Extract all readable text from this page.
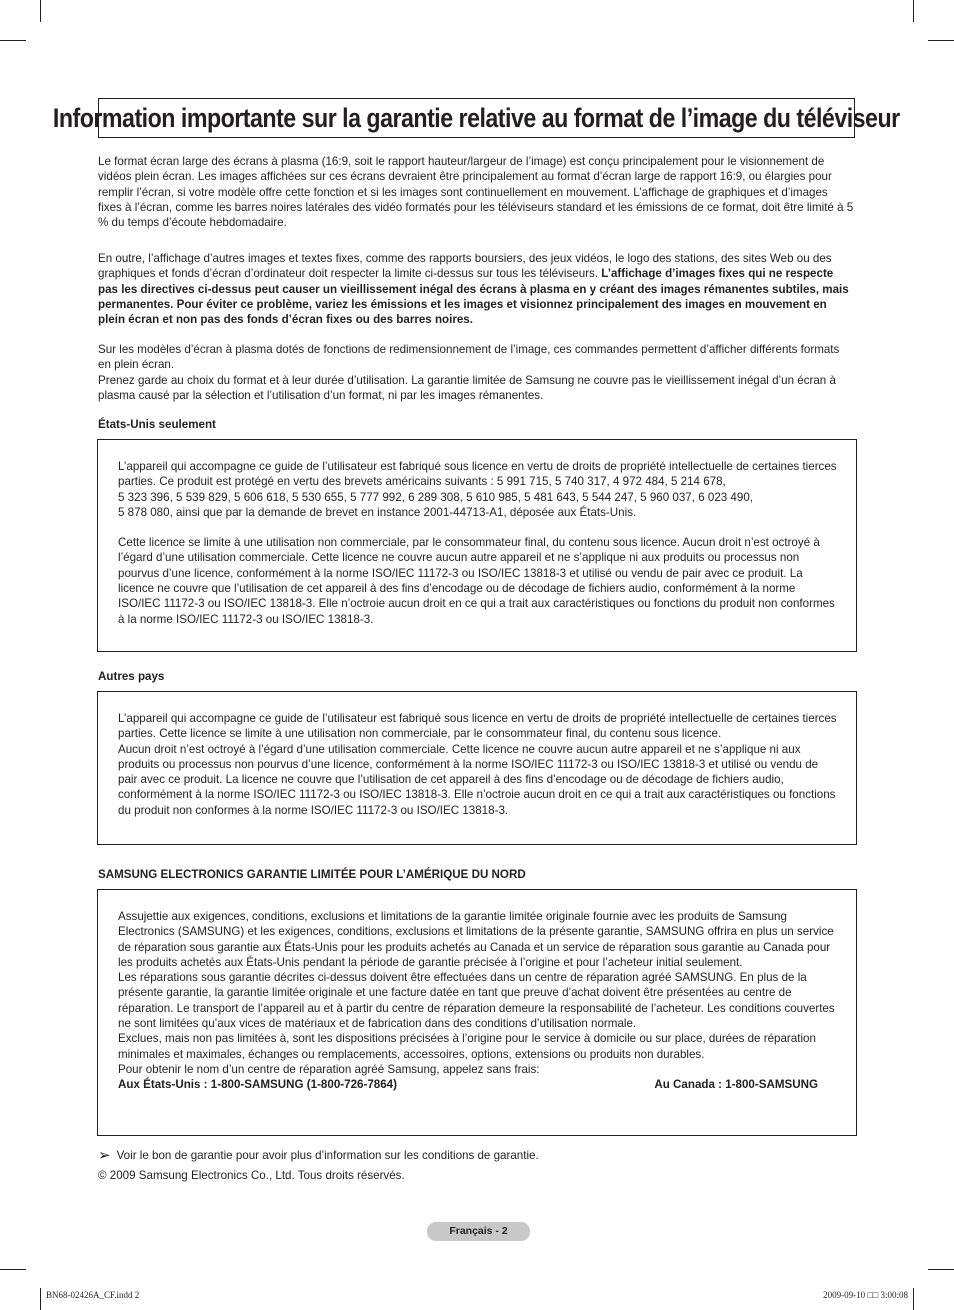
Information importante sur la garantie relative au format de l’image du téléviseur

Le format écran large des écrans à plasma (16:9, soit le rapport hauteur/largeur de l’image) est conçu principalement pour le visionnement de vidéos plein écran. Les images affichées sur ces écrans devraient être principalement au format d’écran large de rapport 16:9, ou élargies pour remplir l’écran, si votre modèle offre cette fonction et si les images sont continuellement en mouvement. L’affichage de graphiques et d’images fixes à l’écran, comme les barres noires latérales des vidéo formatés pour les téléviseurs standard et les émissions de ce format, doit être limité à 5 % du temps d’écoute hebdomadaire.

En outre, l’affichage d’autres images et textes fixes, comme des rapports boursiers, des jeux vidéos, le logo des stations, des sites Web ou des graphiques et fonds d’écran d’ordinateur doit respecter la limite ci-dessus sur tous les téléviseurs. L’affichage d’images fixes qui ne respecte pas les directives ci-dessus peut causer un vieillissement inégal des écrans à plasma en y créant des images rémanentes subtiles, mais permanentes. Pour éviter ce problème, variez les émissions et les images et visionnez principalement des images en mouvement en plein écran et non pas des fonds d’écran fixes ou des barres noires.

Sur les modèles d’écran à plasma dotés de fonctions de redimensionnement de l’image, ces commandes permettent d’afficher différents formats en plein écran.

Prenez garde au choix du format et à leur durée d’utilisation. La garantie limitée de Samsung ne couvre pas le vieillissement inégal d’un écran à plasma causé par la sélection et l’utilisation d’un format, ni par les images rémanentes.

États-Unis seulement

L’appareil qui accompagne ce guide de l’utilisateur est fabriqué sous licence en vertu de droits de propriété intellectuelle de certaines tierces parties. Ce produit est protégé en vertu des brevets américains suivants : 5 991 715, 5 740 317, 4 972 484, 5 214 678,

5 323 396, 5 539 829, 5 606 618, 5 530 655, 5 777 992, 6 289 308, 5 610 985, 5 481 643, 5 544 247, 5 960 037, 6 023 490,

5 878 080, ainsi que par la demande de brevet en instance 2001-44713-A1, déposée aux États-Unis.

Cette licence se limite à une utilisation non commerciale, par le consommateur final, du contenu sous licence. Aucun droit n’est octroyé à l’égard d’une utilisation commerciale. Cette licence ne couvre aucun autre appareil et ne s’applique ni aux produits ou processus non pourvus d’une licence, conformément à la norme ISO/IEC 11172-3 ou ISO/IEC 13818-3 et utilisé ou vendu de pair avec ce produit. La licence ne couvre que l’utilisation de cet appareil à des fins d’encodage ou de décodage de fichiers audio, conformément à la norme ISO/IEC 11172-3 ou ISO/IEC 13818-3. Elle n’octroie aucun droit en ce qui a trait aux caractéristiques ou fonctions du produit non conformes à la norme ISO/IEC 11172-3 ou ISO/IEC 13818-3.

Autres pays

L’appareil qui accompagne ce guide de l’utilisateur est fabriqué sous licence en vertu de droits de propriété intellectuelle de certaines tierces parties. Cette licence se limite à une utilisation non commerciale, par le consommateur final, du contenu sous licence.

Aucun droit n’est octroyé à l’égard d’une utilisation commerciale. Cette licence ne couvre aucun autre appareil et ne s’applique ni aux produits ou processus non pourvus d’une licence, conformément à la norme ISO/IEC 11172-3 ou ISO/IEC 13818-3 et utilisé ou vendu de pair avec ce produit. La licence ne couvre que l’utilisation de cet appareil à des fins d’encodage ou de décodage de fichiers audio, conformément à la norme ISO/IEC 11172-3 ou ISO/IEC 13818-3. Elle n’octroie aucun droit en ce qui a trait aux caractéristiques ou fonctions du produit non conformes à la norme ISO/IEC 11172-3 ou ISO/IEC 13818-3.

SAMSUNG ELECTRONICS GARANTIE LIMITÉE POUR L’AMÉRIQUE DU NORD

Assujettie aux exigences, conditions, exclusions et limitations de la garantie limitée originale fournie avec les produits de Samsung Electronics (SAMSUNG) et les exigences, conditions, exclusions et limitations de la présente garantie, SAMSUNG offrira en plus un service de réparation sous garantie aux États-Unis pour les produits achetés au Canada et un service de réparation sous garantie au Canada pour les produits achetés aux États-Unis pendant la période de garantie précisée à l’origine et pour l’acheteur initial seulement.

Les réparations sous garantie décrites ci-dessus doivent être effectuées dans un centre de réparation agréé SAMSUNG. En plus de la présente garantie, la garantie limitée originale et une facture datée en tant que preuve d’achat doivent être présentées au centre de réparation. Le transport de l’appareil au et à partir du centre de réparation demeure la responsabilité de l’acheteur. Les conditions couvertes ne sont limitées qu’aux vices de matériaux et de fabrication dans des conditions d’utilisation normale.

Exclues, mais non pas limitées à, sont les dispositions précisées à l’origine pour le service à domicile ou sur place, durées de réparation minimales et maximales, échanges ou remplacements, accessoires, options, extensions ou produits non durables.

Pour obtenir le nom d’un centre de réparation agréé Samsung, appelez sans frais:

Aux États-Unis : 1-800-SAMSUNG (1-800-726-7864)	Au Canada : 1-800-SAMSUNG
➢ Voir le bon de garantie pour avoir plus d’information sur les conditions de garantie.

© 2009 Samsung Electronics Co., Ltd. Tous droits réservés.

Français - 2
BN68-02426A_CF.indd 2	2009-09-10 □□ 3:00:08
